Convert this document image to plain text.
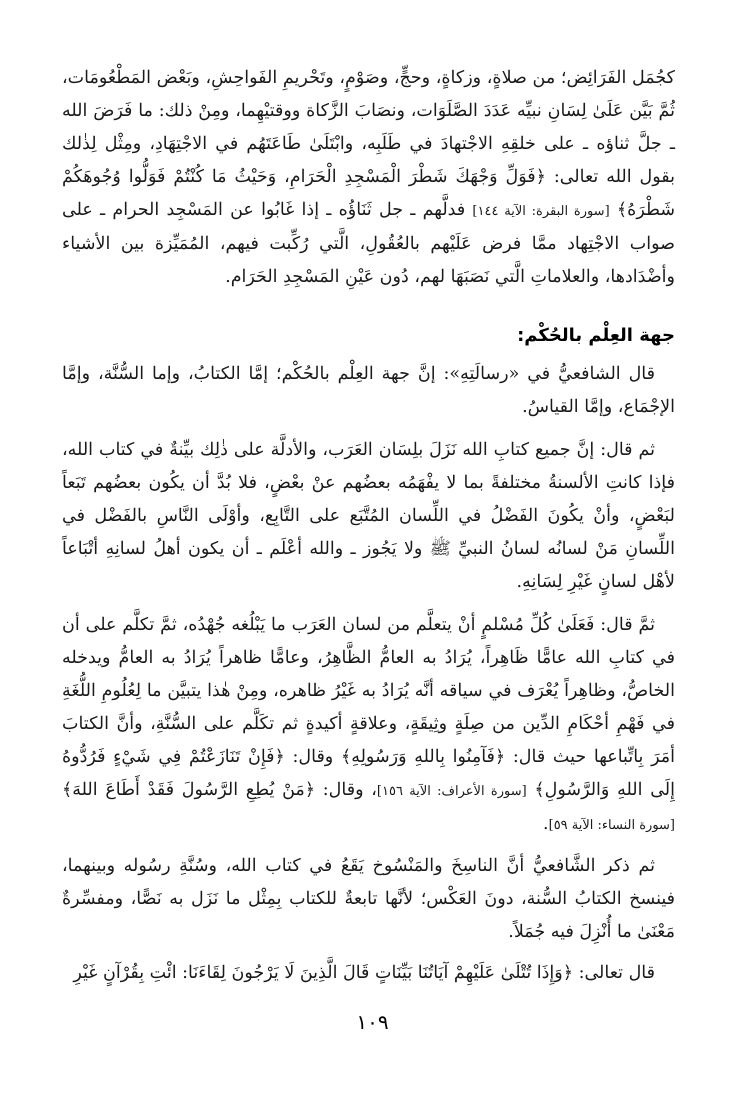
كجُمَل الفَرَائِض؛ من صلاةٍ، وزكاةٍ، وحجٍّ، وصَوْمٍ، وتَحْريمِ الفَواحِشِ، وبَعْض المَطْعُومَات، ثُمَّ بَيَّن عَلَىٰ لِسَانِ نبيِّه عَدَدَ الصَّلَوَات، ونصَابَ الزَّكاة ووقتيْهِما، ومِنْ ذلك: ما فَرَضَ الله ـ جلَّ ثناؤه ـ على خلقِهِ الاجْتهادَ في طَلَبِه، وابْتَلَىٰ طَاعَتَهُم في الاجْتِهَادِ، ومِثْل لِذٰلك بقول الله تعالى: ﴿فَوَلِّ وَجْهَكَ شَطْرَ الْمَسْجِدِ الْحَرَامِ، وَحَيْثُ مَا كُنْتُمْ فَوَلُّوا وُجُوهَكُمْ شَطْرَهُ﴾ [سورة البقرة: الآية ١٤٤] فدلَّهم ـ جل ثَنَاؤُه ـ إذا غَابُوا عن المَسْجِد الحرام ـ على صواب الاجْتِهاد ممَّا فرض عَلَيْهم بالعُقُولِ، الَّتي رُكِّبت فيهم، المُمَيِّزة بين الأشياء وأضْدَادها، والعلاماتِ الَّتي نَصَبَهَا لهم، دُون عَيْنِ المَسْجِدِ الحَرَام.

جهة العِلْم بالحُكْم:

قال الشافعيُّ في «رسالَتِهِ»: إنَّ جهة العِلْم بالحُكْم؛ إمَّا الكتابُ، وإما السُّنَّة، وإمَّا الإجْمَاع، وإمَّا القياسُ.

ثم قال: إنَّ جميع كتابِ الله نَزَلَ بلِسَان العَرَب، والأدلَّة على ذٰلِك بيِّنةٌ في كتاب الله، فإذا كانتِ الألسنةُ مختلفةً بما لا يفْهَمُه بعضُهم عنْ بعْضٍ، فلا بُدَّ أن يكُون بعضُهم تَبَعاً لبَعْضٍ، وأنْ يكُونَ الفَضْلُ في اللِّسان المُتَّبَع على التَّابِع، وأوْلَى النَّاسِ بالفَضْل في اللِّسانِ مَنْ لسانُه لسانُ النبيِّ ﷺ ولا يَجُوز ـ والله أعْلَم ـ أن يكون أهلُ لسانِهِ أتْبَاعاً لأهْل لسانٍ غَيْرِ لِسَانِهِ.

ثمَّ قال: فَعَلَىٰ كُلِّ مُسْلمٍ أنْ يتعلَّم من لسان العَرَب ما يَبْلُغه جُهْدُه، ثمَّ تكلَّم على أن في كتابِ الله عامًّا ظَاهِراً، يُرَادُ به العامُّ الظَّاهِرُ، وعامًّا ظاهراً يُرَادُ به العامُّ ويدخله الخاصُّ، وظاهِراً يُعْرَف في سياقه أنَّه يُرَادُ به غَيْرُ ظاهره، ومِنْ هٰذا يتبيَّن ما لِعُلُومِ اللُّغَةِ في فَهْمِ أحْكَامِ الدِّين من صِلَةٍ وثِيقَةٍ، وعلاقةٍ أكيدةٍ ثم تكَلَّم على السُّنَّةِ، وأنَّ الكتابَ أمَرَ بِاتِّباعها حيث قال: ﴿فَآمِنُوا بِاللهِ وَرَسُولِهِ﴾ وقال: ﴿فَإِنْ تَنَازَعْتُمْ فِي شَيْءٍ فَرُدُّوهُ إِلَى اللهِ وَالرَّسُولِ﴾ [سورة الأعراف: الآية ١٥٦]، وقال: ﴿مَنْ يُطِعِ الرَّسُولَ فَقَدْ أَطَاعَ اللهَ﴾[سورة النساء: الآية ٥٩].

ثم ذكر الشَّافعيُّ أنَّ الناسِخَ والمَنْسُوخ يَقَعُ في كتاب الله، وسُنَّةِ رسُوله وبينهما، فينسخ الكتابُ السُّنة، دونَ العَكْس؛ لأنَّها تابعةٌ للكتاب بِمِثْل ما نَزَل به نَصًّا، ومفسِّرةٌ مَعْنَىٰ ما أُنْزِلَ فيه جُمَلاً.

قال تعالى: ﴿وَإِذَا تُتْلَىٰ عَلَيْهِمْ آيَاتُنَا بَيِّنَاتٍ قَالَ الَّذِينَ لَا يَرْجُونَ لِقَاءَنَا: ائْتِ بِقُرْآنٍ غَيْرِ

١٠٩
